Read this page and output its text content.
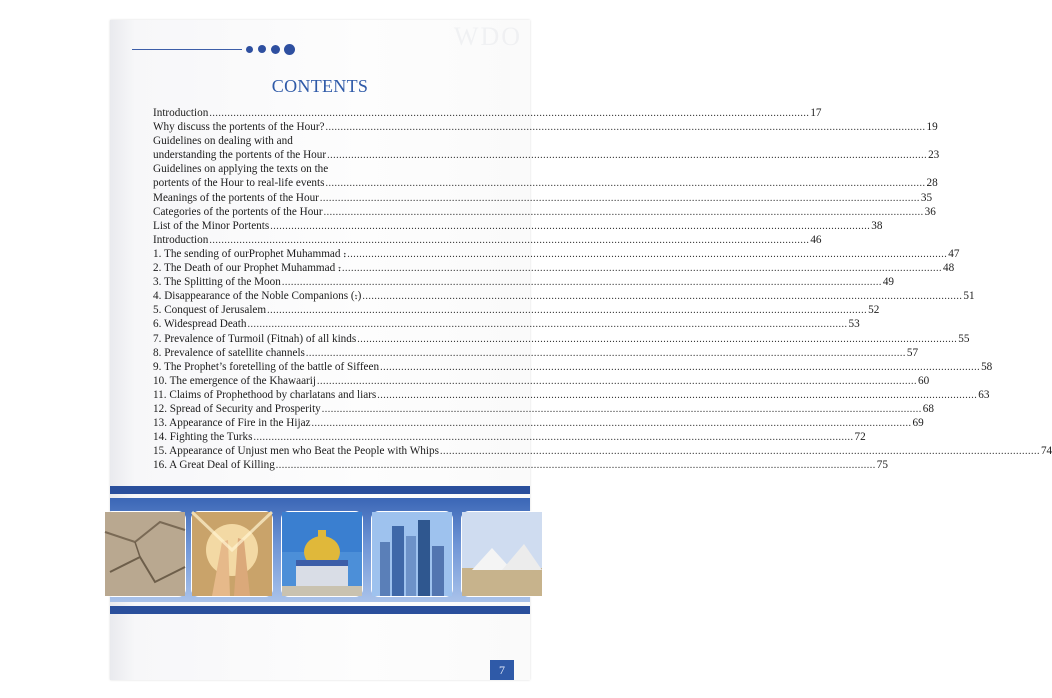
WDO
CONTENTS
Introduction ........................................................................................................................................................................................................ 17
Why discuss the portents of the Hour? ........................................................................................................................................................................................................ 19
Guidelines on dealing with and
understanding the portents of the Hour ........................................................................................................................................................................................................ 23
Guidelines on applying the texts on the
portents of the Hour to real-life events ........................................................................................................................................................................................................ 28
Meanings of the portents of the Hour ........................................................................................................................................................................................................ 35
Categories of the portents of the Hour ........................................................................................................................................................................................................ 36
List of the Minor Portents ........................................................................................................................................................................................................ 38
Introduction ........................................................................................................................................................................................................ 46
1. The sending of ourProphet Muhammad ⹎ ........................................................................................................................................................................................................ 47
2. The Death of our Prophet Muhammad ⹎ ........................................................................................................................................................................................................ 48
3. The Splitting of the Moon ........................................................................................................................................................................................................ 49
4. Disappearance of the Noble Companions (⹎) ........................................................................................................................................................................................................ 51
5. Conquest of Jerusalem ........................................................................................................................................................................................................ 52
6. Widespread Death ........................................................................................................................................................................................................ 53
7. Prevalence of Turmoil (Fitnah) of all kinds ........................................................................................................................................................................................................ 55
8. Prevalence of satellite channels ........................................................................................................................................................................................................ 57
9. The Prophet’s foretelling of the battle of Siffeen ........................................................................................................................................................................................................ 58
10. The emergence of the Khawaarij ........................................................................................................................................................................................................ 60
11. Claims of Prophethood by charlatans and liars ........................................................................................................................................................................................................ 63
12. Spread of Security and Prosperity ........................................................................................................................................................................................................ 68
13. Appearance of Fire in the Hijaz ........................................................................................................................................................................................................ 69
14. Fighting the Turks ........................................................................................................................................................................................................ 72
15. Appearance of Unjust men who Beat the People with Whips ........................................................................................................................................................................................................ 74
16. A Great Deal of Killing ........................................................................................................................................................................................................ 75
7
